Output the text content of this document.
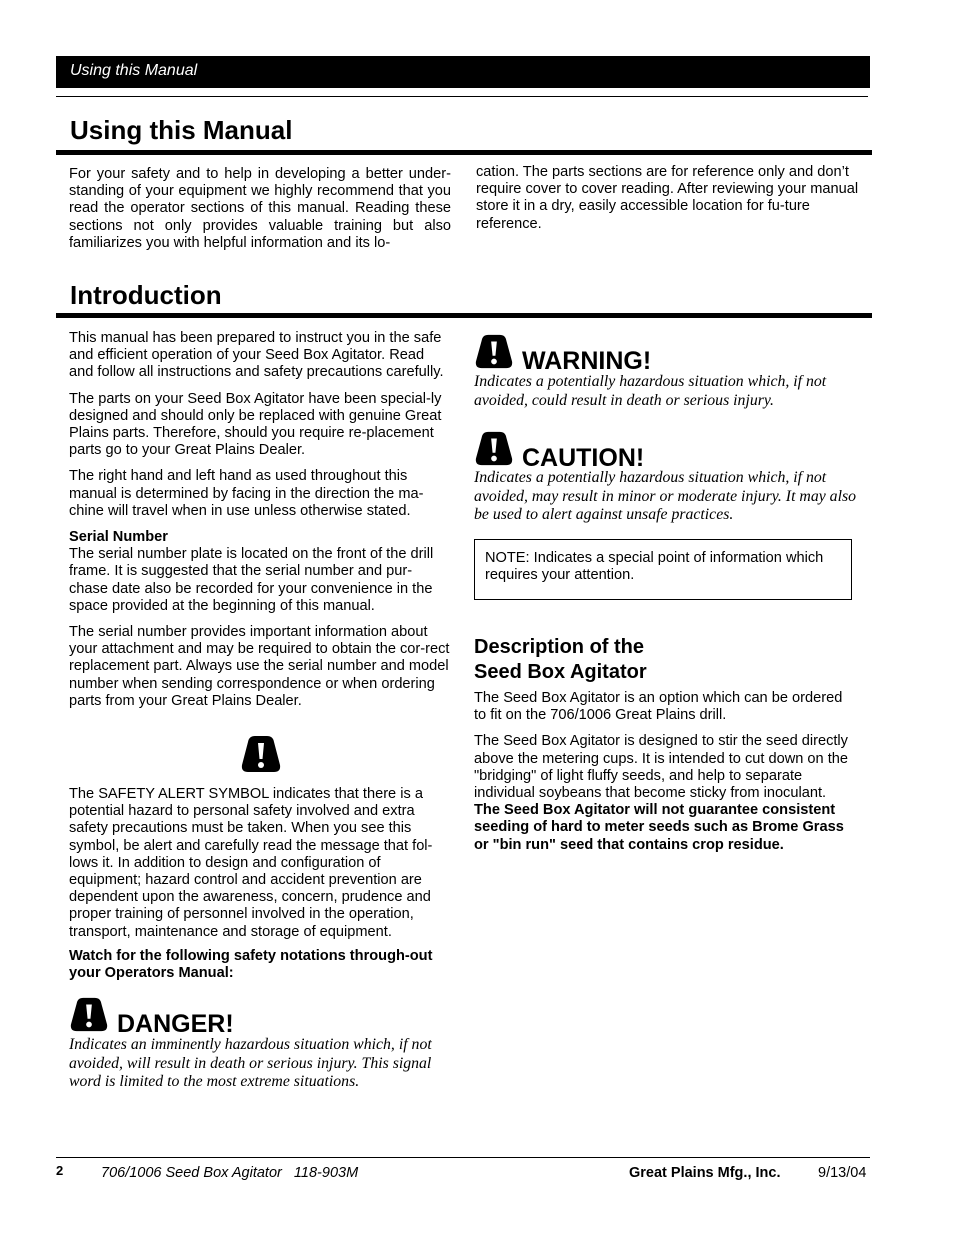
Using this Manual
Using this Manual
For your safety and to help in developing a better under-standing of your equipment we highly recommend that you read the operator sections of this manual. Reading these sections not only provides valuable training but also familiarizes you with helpful information and its lo-
cation. The parts sections are for reference only and don’t require cover to cover reading. After reviewing your manual store it in a dry, easily accessible location for fu-ture reference.
Introduction
This manual has been prepared to instruct you in the safe and efficient operation of your Seed Box Agitator. Read and follow all instructions and safety precautions carefully.
The parts on your Seed Box Agitator have been special-ly designed and should only be replaced with genuine Great Plains parts. Therefore, should you require re-placement parts go to your Great Plains Dealer.
The right hand and left hand as used throughout this manual is determined by facing in the direction the ma-chine will travel when in use unless otherwise stated.
Serial Number
The serial number plate is located on the front of the drill frame. It is suggested that the serial number and pur-chase date also be recorded for your convenience in the space provided at the beginning of this manual.
The serial number provides important information about your attachment and may be required to obtain the cor-rect replacement part. Always use the serial number and model number when sending correspondence or when ordering parts from your Great Plains Dealer.
The SAFETY ALERT SYMBOL indicates that there is a potential hazard to personal safety involved and extra safety precautions must be taken. When you see this symbol, be alert and carefully read the message that fol-lows it. In addition to design and configuration of equipment; hazard control and accident prevention are dependent upon the awareness, concern, prudence and proper training of personnel involved in the operation, transport, maintenance and storage of equipment.
Watch for the following safety notations through-out your Operators Manual:
DANGER!
Indicates an imminently hazardous situation which, if not avoided, will result in death or serious injury. This signal word is limited to the most extreme situations.
WARNING!
Indicates a potentially hazardous situation which, if not avoided, could result in death or serious injury.
CAUTION!
Indicates a potentially hazardous situation which, if not avoided, may result in minor or moderate injury. It may also be used to alert against unsafe practices.
NOTE: Indicates a special point of information which requires your attention.
Description of the
Seed Box Agitator
The Seed Box Agitator is an option which can be ordered to fit on the 706/1006 Great Plains drill.
The Seed Box Agitator is designed to stir the seed directly above the metering cups. It is intended to cut down on the "bridging" of light fluffy seeds, and help to separate individual soybeans that become sticky from inoculant. The Seed Box Agitator will not guarantee consistent seeding of hard to meter seeds such as Brome Grass or "bin run" seed that contains crop residue.
2	706/1006 Seed Box Agitator   118-903M	Great Plains Mfg., Inc.	9/13/04
